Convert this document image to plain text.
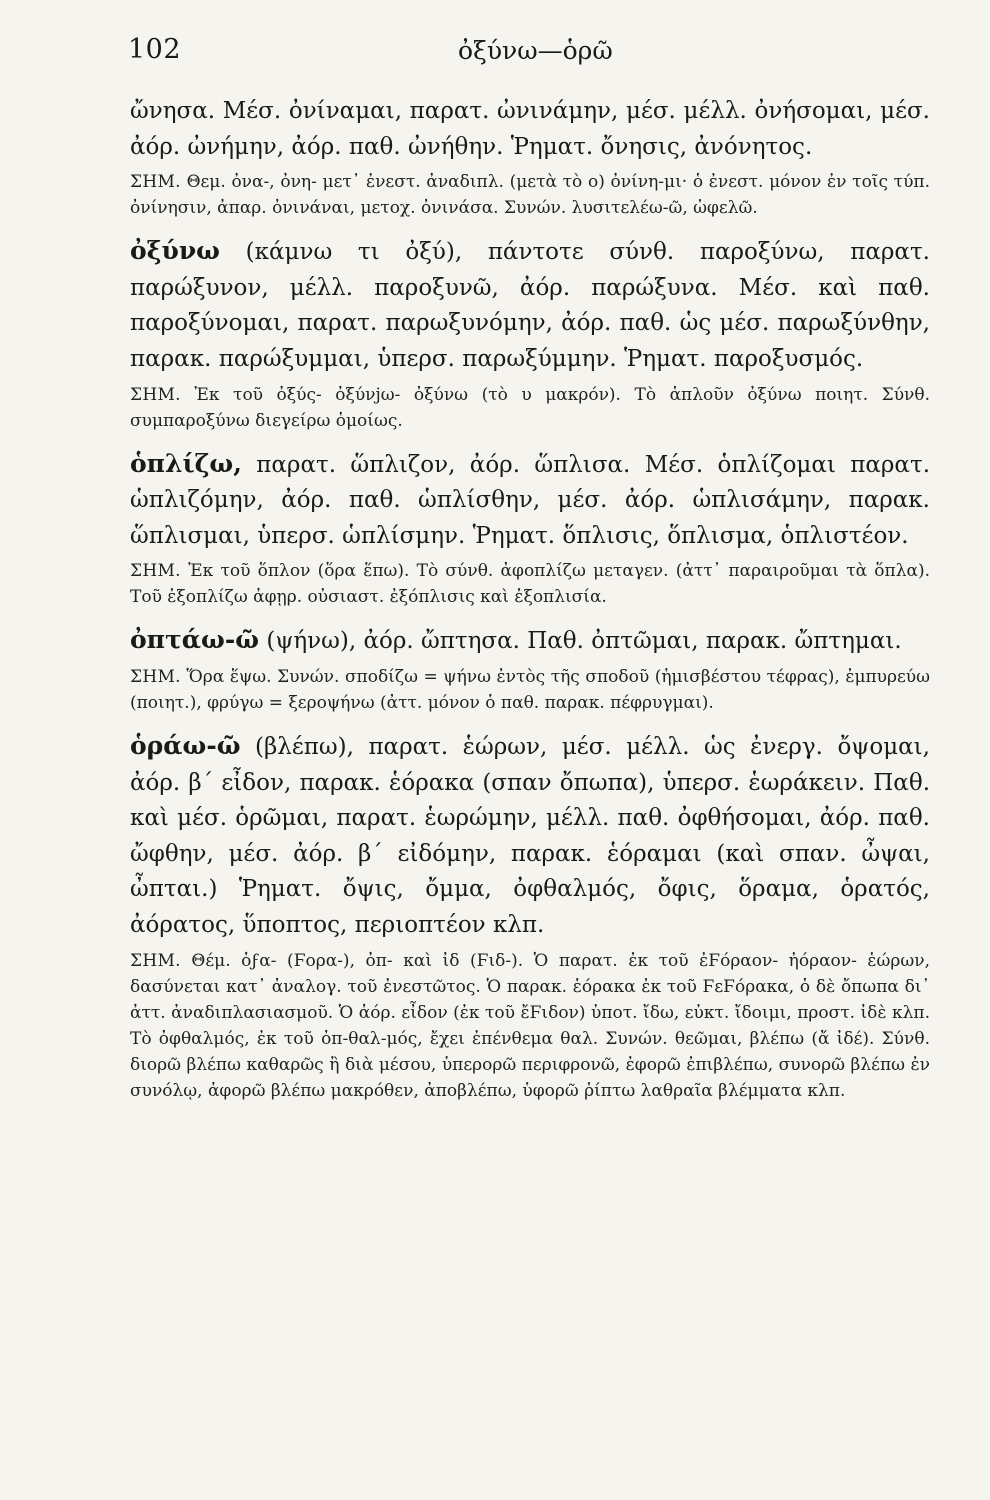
102	ὀξύνω—ὁρῶ
ὤνησα. Μέσ. ὀνίναμαι, παρατ. ὠνινάμην, μέσ. μέλλ. ὀνήσομαι, μέσ. ἀόρ. ὠνήμην, ἀόρ. παθ. ὠνήθην. Ῥηματ. ὄνησις, ἀνόνητος.
ΣΗΜ. Θεμ. ὀνα-, ὀνη- μετ᾽ ἐνεστ. ἀναδιπλ. (μετὰ τὸ ο) ὀνίνη-μι· ὁ ἐνεστ. μόνον ἐν τοῖς τύπ. ὀνίνησιν, ἀπαρ. ὀνινάναι, μετοχ. ὀνινάσα. Συνών. λυσιτελέω-ῶ, ὠφελῶ.
ὀξύνω (κάμνω τι ὀξύ), πάντοτε σύνθ. παροξύνω, παρατ. παρώξυνον, μέλλ. παροξυνῶ, ἀόρ. παρώξυνα. Μέσ. καὶ παθ. παροξύνομαι, παρατ. παρωξυνόμην, ἀόρ. παθ. ὡς μέσ. παρωξύνθην, παρακ. παρώξυμμαι, ὑπερσ. παρωξύμμην. Ῥηματ. παροξυσμός.
ΣΗΜ. Ἐκ τοῦ ὀξύς- ὀξύνjω- ὀξύνω (τὸ υ μακρόν). Τὸ ἁπλοῦν ὀξύνω ποιητ. Σύνθ. συμπαροξύνω διεγείρω ὁμοίως.
ὁπλίζω, παρατ. ὥπλιζον, ἀόρ. ὥπλισα. Μέσ. ὁπλίζομαι παρατ. ὡπλιζόμην, ἀόρ. παθ. ὡπλίσθην, μέσ. ἀόρ. ὡπλισάμην, παρακ. ὥπλισμαι, ὑπερσ. ὡπλίσμην. Ῥηματ. ὅπλισις, ὅπλισμα, ὁπλιστέον.
ΣΗΜ. Ἐκ τοῦ ὅπλον (ὅρα ἕπω). Τὸ σύνθ. ἀφοπλίζω μεταγεν. (ἀττ᾽ παραιροῦμαι τὰ ὅπλα). Τοῦ ἐξοπλίζω ἀφῃρ. οὐσιαστ. ἐξόπλισις καὶ ἐξοπλισία.
ὀπτάω-ῶ (ψήνω), ἀόρ. ὤπτησα. Παθ. ὀπτῶμαι, παρακ. ὤπτημαι.
ΣΗΜ. Ὅρα ἕψω. Συνών. σποδίζω = ψήνω ἐντὸς τῆς σποδοῦ (ἡμισβέστου τέφρας), ἐμπυρεύω (ποιητ.), φρύγω = ξεροψήνω (ἀττ. μόνον ὁ παθ. παρακ. πέφρυγμαι).
ὁράω-ῶ (βλέπω), παρατ. ἑώρων, μέσ. μέλλ. ὡς ἐνεργ. ὄψομαι, ἀόρ. β΄ εἶδον, παρακ. ἑόρακα (σπαν ὄπωπα), ὑπερσ. ἑωράκειν. Παθ. καὶ μέσ. ὁρῶμαι, παρατ. ἑωρώμην, μέλλ. παθ. ὀφθήσομαι, ἀόρ. παθ. ὤφθην, μέσ. ἀόρ. β΄ εἰδόμην, παρακ. ἑόραμαι (καὶ σπαν. ὦψαι, ὦπται.) Ῥηματ. ὄψις, ὄμμα, ὀφθαλμός, ὄφις, ὅραμα, ὁρατός, ἀόρατος, ὕποπτος, περιοπτέον κλπ.
ΣΗΜ. Θέμ. ὁϝα- (Ϝορα-), ὀπ- καὶ ἰδ (Ϝιδ-). Ὁ παρατ. ἐκ τοῦ ἐϜόραον- ἠόραον- ἑώρων, δασύνεται κατ᾽ ἀναλογ. τοῦ ἐνεστῶτος. Ὁ παρακ. ἑόρακα ἐκ τοῦ ϜεϜόρακα, ὁ δὲ ὄπωπα δι᾽ ἀττ. ἀναδιπλασιασμοῦ. Ὁ ἀόρ. εἶδον (ἐκ τοῦ ἔϜιδον) ὑποτ. ἴδω, εὐκτ. ἴδοιμι, προστ. ἰδὲ κλπ. Τὸ ὀφθαλμός, ἐκ τοῦ ὀπ-θαλ-μός, ἔχει ἐπένθεμα θαλ. Συνών. θεῶμαι, βλέπω (ἄ ἰδέ). Σύνθ. διορῶ βλέπω καθαρῶς ἢ διὰ μέσου, ὑπερορῶ περιφρονῶ, ἐφορῶ ἐπιβλέπω, συνορῶ βλέπω ἐν συνόλῳ, ἀφορῶ βλέπω μακρόθεν, ἀποβλέπω, ὑφορῶ ῥίπτω λαθραῖα βλέμματα κλπ.
